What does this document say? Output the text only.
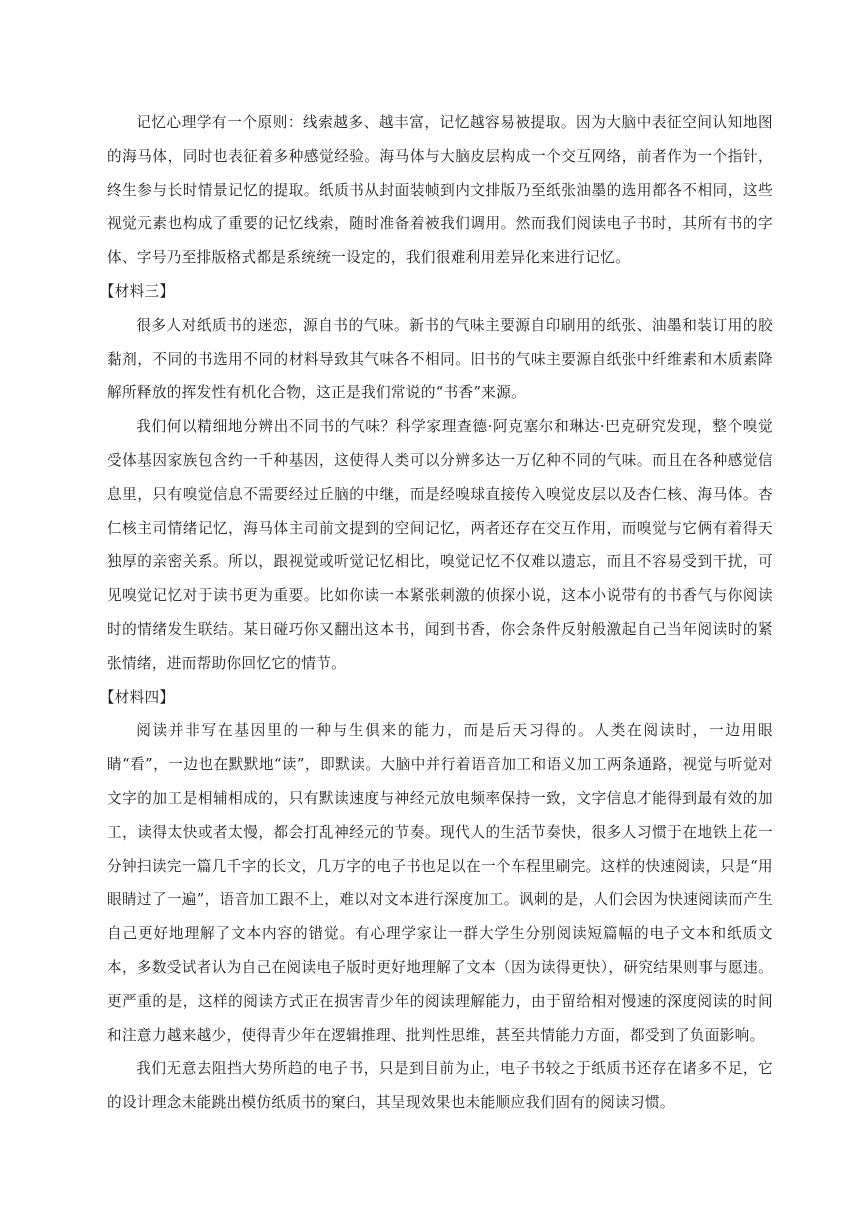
记忆心理学有一个原则：线索越多、越丰富，记忆越容易被提取。因为大脑中表征空间认知地图的海马体，同时也表征着多种感觉经验。海马体与大脑皮层构成一个交互网络，前者作为一个指针，终生参与长时情景记忆的提取。纸质书从封面装帧到内文排版乃至纸张油墨的选用都各不相同，这些视觉元素也构成了重要的记忆线索，随时准备着被我们调用。然而我们阅读电子书时，其所有书的字体、字号乃至排版格式都是系统统一设定的，我们很难利用差异化来进行记忆。

【材料三】

很多人对纸质书的迷恋，源自书的气味。新书的气味主要源自印刷用的纸张、油墨和装订用的胶黏剂，不同的书选用不同的材料导致其气味各不相同。旧书的气味主要源自纸张中纤维素和木质素降解所释放的挥发性有机化合物，这正是我们常说的“书香”来源。

我们何以精细地分辨出不同书的气味？科学家理查德·阿克塞尔和琳达·巴克研究发现，整个嗅觉受体基因家族包含约一千种基因，这使得人类可以分辨多达一万亿种不同的气味。而且在各种感觉信息里，只有嗅觉信息不需要经过丘脑的中继，而是经嗅球直接传入嗅觉皮层以及杏仁核、海马体。杏仁核主司情绪记忆，海马体主司前文提到的空间记忆，两者还存在交互作用，而嗅觉与它俩有着得天独厚的亲密关系。所以，跟视觉或听觉记忆相比，嗅觉记忆不仅难以遗忘，而且不容易受到干扰，可见嗅觉记忆对于读书更为重要。比如你读一本紧张刺激的侦探小说，这本小说带有的书香气与你阅读时的情绪发生联结。某日碰巧你又翻出这本书，闻到书香，你会条件反射般激起自己当年阅读时的紧张情绪，进而帮助你回忆它的情节。

【材料四】

阅读并非写在基因里的一种与生俱来的能力，而是后天习得的。人类在阅读时，一边用眼睛“看”，一边也在默默地“读”，即默读。大脑中并行着语音加工和语义加工两条通路，视觉与听觉对文字的加工是相辅相成的，只有默读速度与神经元放电频率保持一致，文字信息才能得到最有效的加工，读得太快或者太慢，都会打乱神经元的节奏。现代人的生活节奏快，很多人习惯于在地铁上花一分钟扫读完一篇几千字的长文，几万字的电子书也足以在一个车程里刷完。这样的快速阅读，只是“用眼睛过了一遍”，语音加工跟不上，难以对文本进行深度加工。讽刺的是，人们会因为快速阅读而产生自己更好地理解了文本内容的错觉。有心理学家让一群大学生分别阅读短篇幅的电子文本和纸质文本，多数受试者认为自己在阅读电子版时更好地理解了文本（因为读得更快），研究结果则事与愿违。更严重的是，这样的阅读方式正在损害青少年的阅读理解能力，由于留给相对慢速的深度阅读的时间和注意力越来越少，使得青少年在逻辑推理、批判性思维，甚至共情能力方面，都受到了负面影响。

我们无意去阻挡大势所趋的电子书，只是到目前为止，电子书较之于纸质书还存在诸多不足，它的设计理念未能跳出模仿纸质书的窠臼，其呈现效果也未能顺应我们固有的阅读习惯。
